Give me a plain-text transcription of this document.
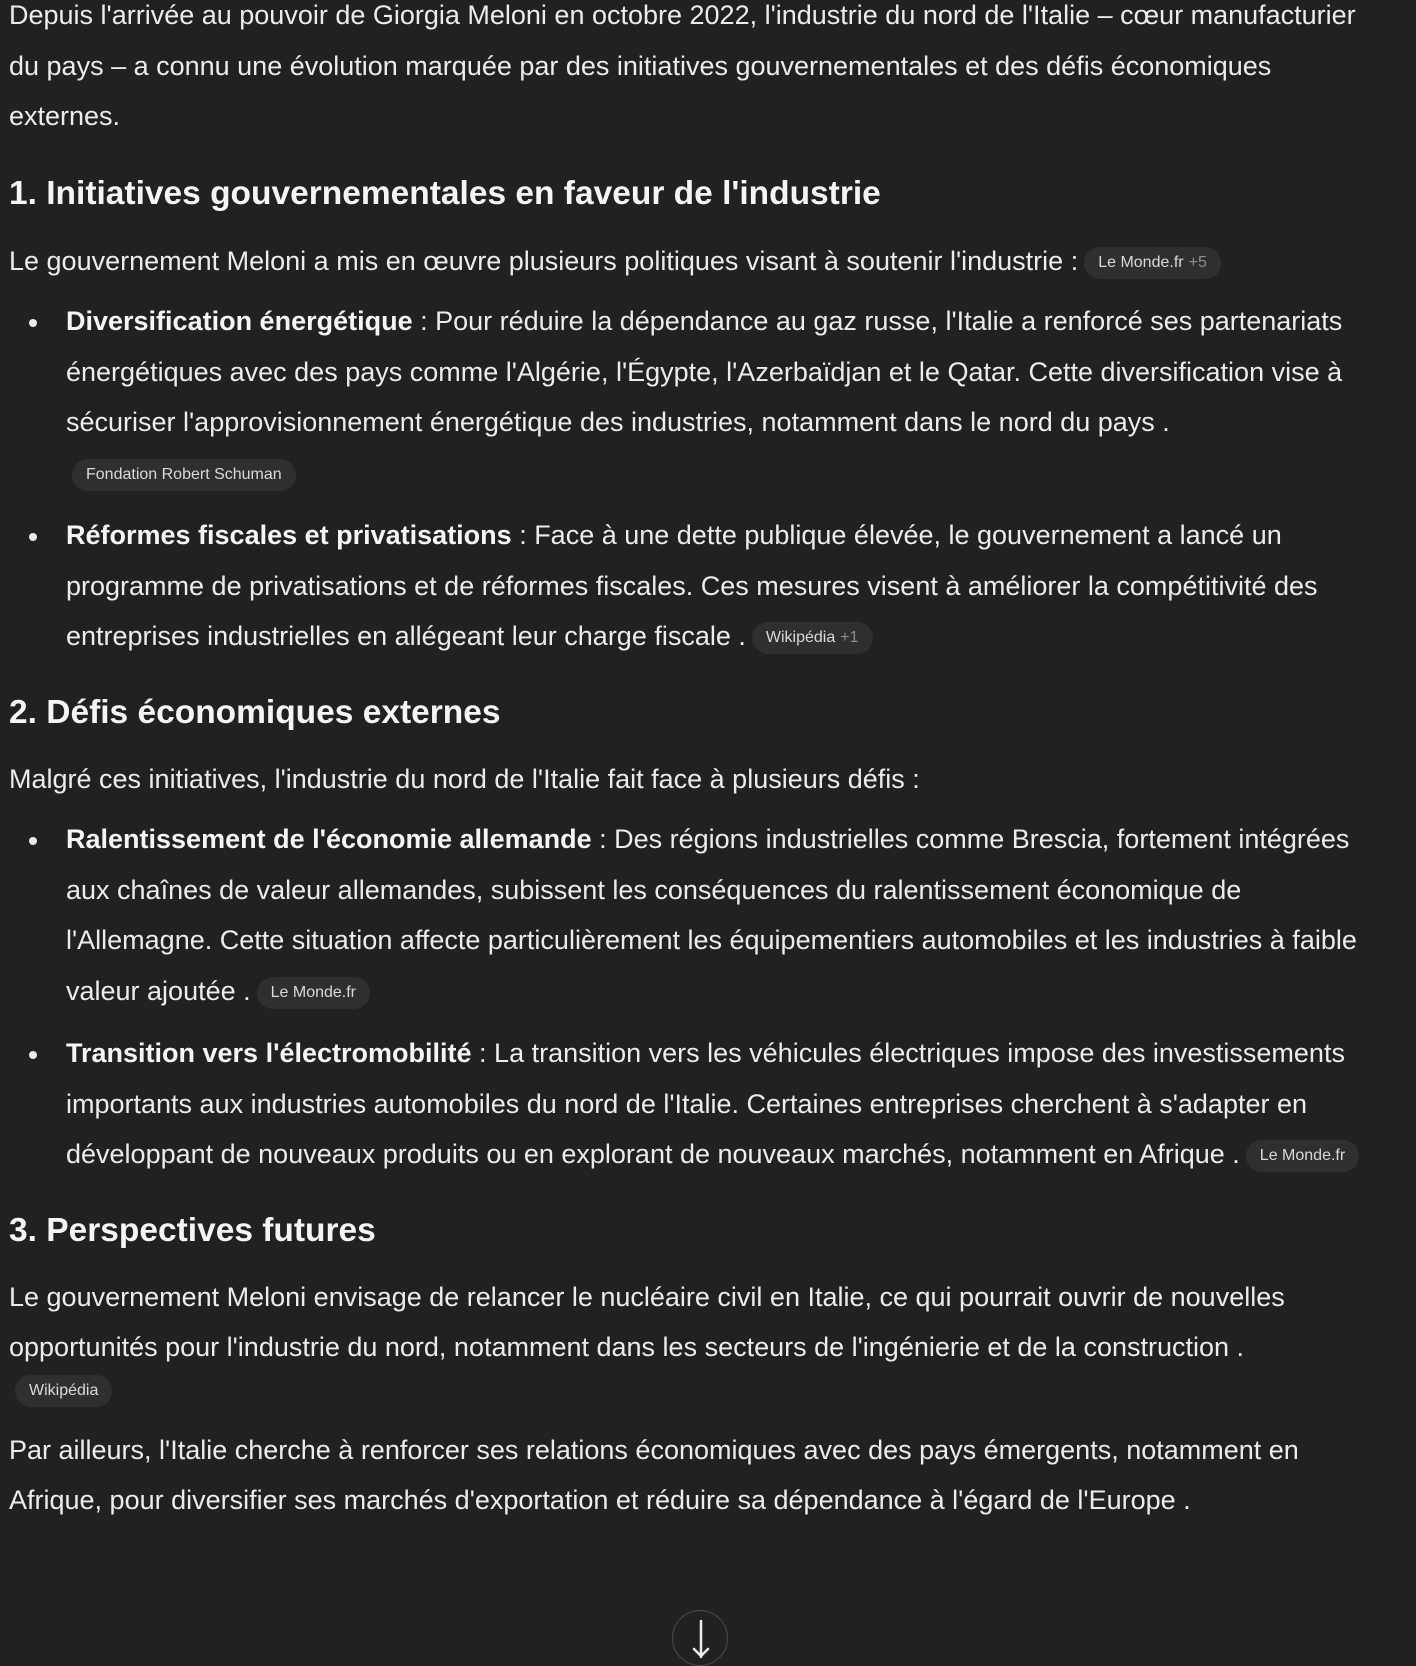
Depuis l'arrivée au pouvoir de Giorgia Meloni en octobre 2022, l'industrie du nord de l'Italie – cœur manufacturier du pays – a connu une évolution marquée par des initiatives gouvernementales et des défis économiques externes.

1. Initiatives gouvernementales en faveur de l'industrie

Le gouvernement Meloni a mis en œuvre plusieurs politiques visant à soutenir l'industrie : Le Monde.fr +5

Diversification énergétique : Pour réduire la dépendance au gaz russe, l'Italie a renforcé ses partenariats énergétiques avec des pays comme l'Algérie, l'Égypte, l'Azerbaïdjan et le Qatar. Cette diversification vise à sécuriser l'approvisionnement énergétique des industries, notamment dans le nord du pays .Fondation Robert Schuman
Réformes fiscales et privatisations : Face à une dette publique élevée, le gouvernement a lancé un programme de privatisations et de réformes fiscales. Ces mesures visent à améliorer la compétitivité des entreprises industrielles en allégeant leur charge fiscale . Wikipédia +1
2. Défis économiques externes

Malgré ces initiatives, l'industrie du nord de l'Italie fait face à plusieurs défis :

Ralentissement de l'économie allemande : Des régions industrielles comme Brescia, fortement intégrées aux chaînes de valeur allemandes, subissent les conséquences du ralentissement économique de l'Allemagne. Cette situation affecte particulièrement les équipementiers automobiles et les industries à faible valeur ajoutée . Le Monde.fr
Transition vers l'électromobilité : La transition vers les véhicules électriques impose des investissements importants aux industries automobiles du nord de l'Italie. Certaines entreprises cherchent à s'adapter en développant de nouveaux produits ou en explorant de nouveaux marchés, notamment en Afrique . Le Monde.fr
3. Perspectives futures

Le gouvernement Meloni envisage de relancer le nucléaire civil en Italie, ce qui pourrait ouvrir de nouvelles opportunités pour l'industrie du nord, notamment dans les secteurs de l'ingénierie et de la construction .

Wikipédia

Par ailleurs, l'Italie cherche à renforcer ses relations économiques avec des pays émergents, notamment en Afrique, pour diversifier ses marchés d'exportation et réduire sa dépendance à l'égard de l'Europe .
